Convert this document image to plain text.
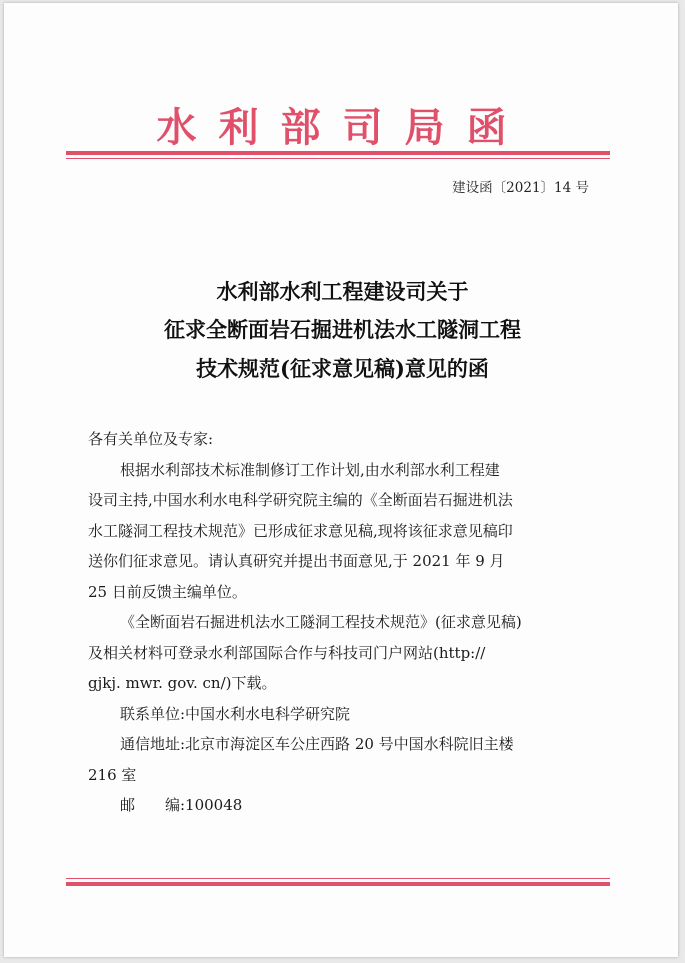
水利部司局函
建设函〔2021〕14 号
水利部水利工程建设司关于
征求全断面岩石掘进机法水工隧洞工程
技术规范(征求意见稿)意见的函
各有关单位及专家:
根据水利部技术标准制修订工作计划,由水利部水利工程建
设司主持,中国水利水电科学研究院主编的《全断面岩石掘进机法
水工隧洞工程技术规范》已形成征求意见稿,现将该征求意见稿印
送你们征求意见。请认真研究并提出书面意见,于 2021 年 9 月
25 日前反馈主编单位。
《全断面岩石掘进机法水工隧洞工程技术规范》(征求意见稿)
及相关材料可登录水利部国际合作与科技司门户网站(http://
gjkj. mwr. gov. cn/)下载。
联系单位:中国水利水电科学研究院
通信地址:北京市海淀区车公庄西路 20 号中国水科院旧主楼
216 室
邮　　编:100048
